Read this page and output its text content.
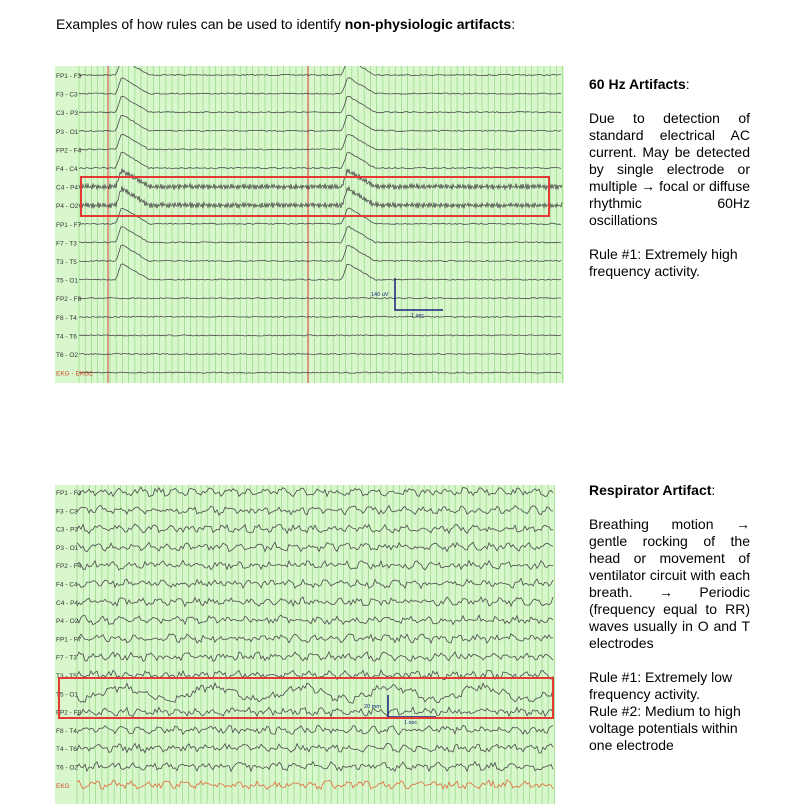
Examples of how rules can be used to identify non-physiologic artifacts:
FP1 - F3
F3 - C3
C3 - P3
P3 - O1
FP2 - F4
F4 - C4
C4 - P4
P4 - O2
FP1 - F7
F7 - T3
T3 - T5
T5 - O1
FP2 - F8
F8 - T4
T4 - T6
T6 - O2
EKG - EKG2
140 uV
1 sec
60 Hz Artifacts:

Due to detection of standard electrical AC current. May be detected by single electrode or multiple → focal or diffuse rhythmic 60Hz oscillations

Rule #1: Extremely high frequency activity.

FP1 - F3
F3 - C3
C3 - P3
P3 - O1
FP2 - F4
F4 - C4
C4 - P4
P4 - O2
FP1 - F7
F7 - T3
T3 - T5
T5 - O1
FP2 - F8
F8 - T4
T4 - T6
T6 - O2
EKG
20 mm
1 sec
Respirator Artifact:

Breathing motion → gentle rocking of the head or movement of ventilator circuit with each breath. → Periodic (frequency equal to RR) waves usually in O and T electrodes

Rule #1: Extremely low frequency activity.

Rule #2: Medium to high voltage potentials within one electrode
